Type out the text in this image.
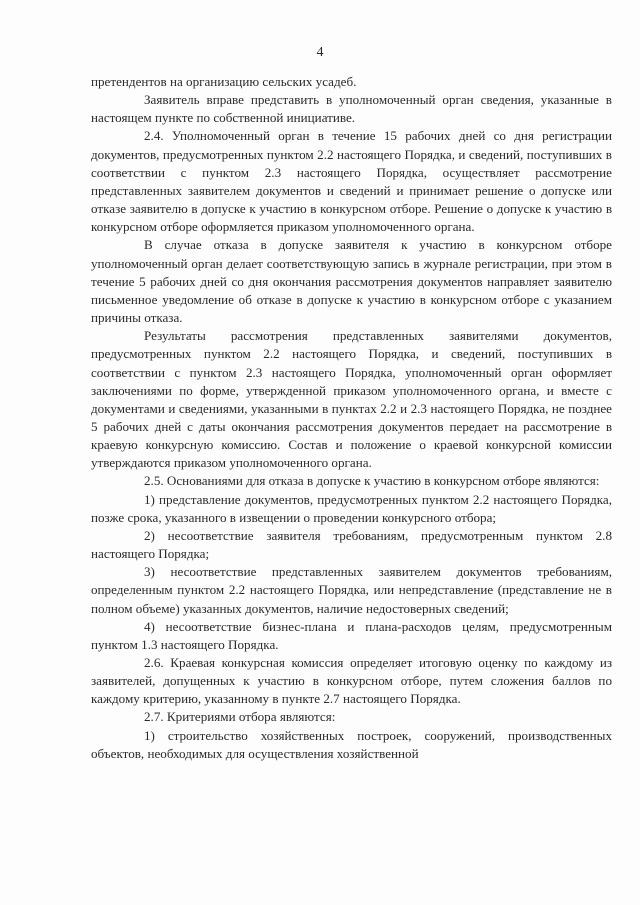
4

претендентов на организацию сельских усадеб.

Заявитель вправе представить в уполномоченный орган сведения, указанные в настоящем пункте по собственной инициативе.

2.4. Уполномоченный орган в течение 15 рабочих дней со дня регистрации документов, предусмотренных пунктом 2.2 настоящего Порядка, и сведений, поступивших в соответствии с пунктом 2.3 настоящего Порядка, осуществляет рассмотрение представленных заявителем документов и сведений и принимает решение о допуске или отказе заявителю в допуске к участию в конкурсном отборе. Решение о допуске к участию в конкурсном отборе оформляется приказом уполномоченного органа.

В случае отказа в допуске заявителя к участию в конкурсном отборе уполномоченный орган делает соответствующую запись в журнале регистрации, при этом в течение 5 рабочих дней со дня окончания рассмотрения документов направляет заявителю письменное уведомление об отказе в допуске к участию в конкурсном отборе с указанием причины отказа.

Результаты рассмотрения представленных заявителями документов, предусмотренных пунктом 2.2 настоящего Порядка, и сведений, поступивших в соответствии с пунктом 2.3 настоящего Порядка, уполномоченный орган оформляет заключениями по форме, утвержденной приказом уполномоченного органа, и вместе с документами и сведениями, указанными в пунктах 2.2 и 2.3 настоящего Порядка, не позднее 5 рабочих дней с даты окончания рассмотрения документов передает на рассмотрение в краевую конкурсную комиссию. Состав и положение о краевой конкурсной комиссии утверждаются приказом уполномоченного органа.

2.5. Основаниями для отказа в допуске к участию в конкурсном отборе являются:

1) представление документов, предусмотренных пунктом 2.2 настоящего Порядка, позже срока, указанного в извещении о проведении конкурсного отбора;

2) несоответствие заявителя требованиям, предусмотренным пунктом 2.8 настоящего Порядка;

3) несоответствие представленных заявителем документов требованиям, определенным пунктом 2.2 настоящего Порядка, или непредставление (представление не в полном объеме) указанных документов, наличие недостоверных сведений;

4) несоответствие бизнес-плана и плана-расходов целям, предусмотренным пунктом 1.3 настоящего Порядка.

2.6. Краевая конкурсная комиссия определяет итоговую оценку по каждому из заявителей, допущенных к участию в конкурсном отборе, путем сложения баллов по каждому критерию, указанному в пункте 2.7 настоящего Порядка.

2.7. Критериями отбора являются:

1) строительство хозяйственных построек, сооружений, производственных объектов, необходимых для осуществления хозяйственной
